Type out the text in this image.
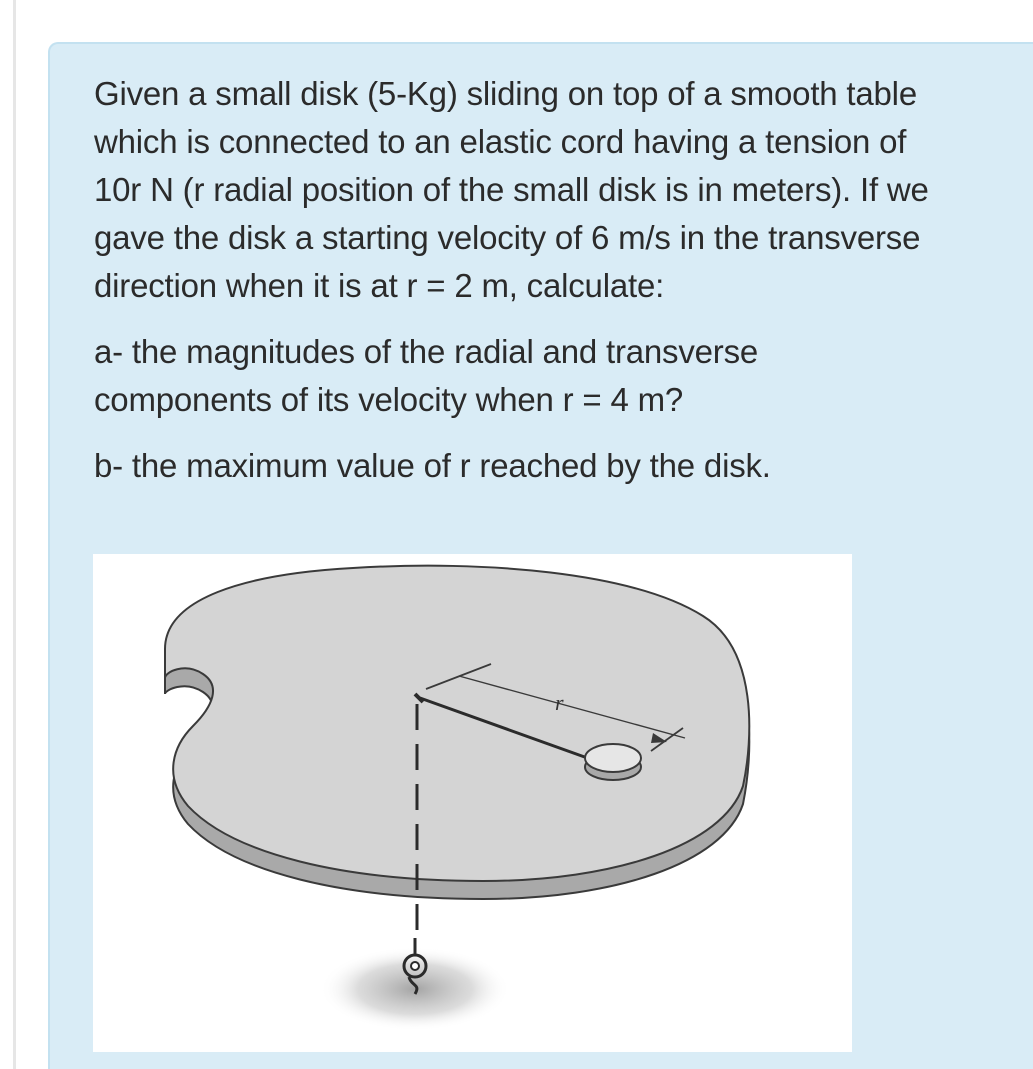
Given a small disk (5-Kg) sliding on top of a smooth table which is connected to an elastic cord having a tension of 10r N (r radial position of the small disk is in meters). If we gave the disk a starting velocity of 6 m/s in the transverse direction when it is at r = 2 m, calculate:

a- the magnitudes of the radial and transverse components of its velocity when r = 4 m?

b- the maximum value of r reached by the disk.

r
